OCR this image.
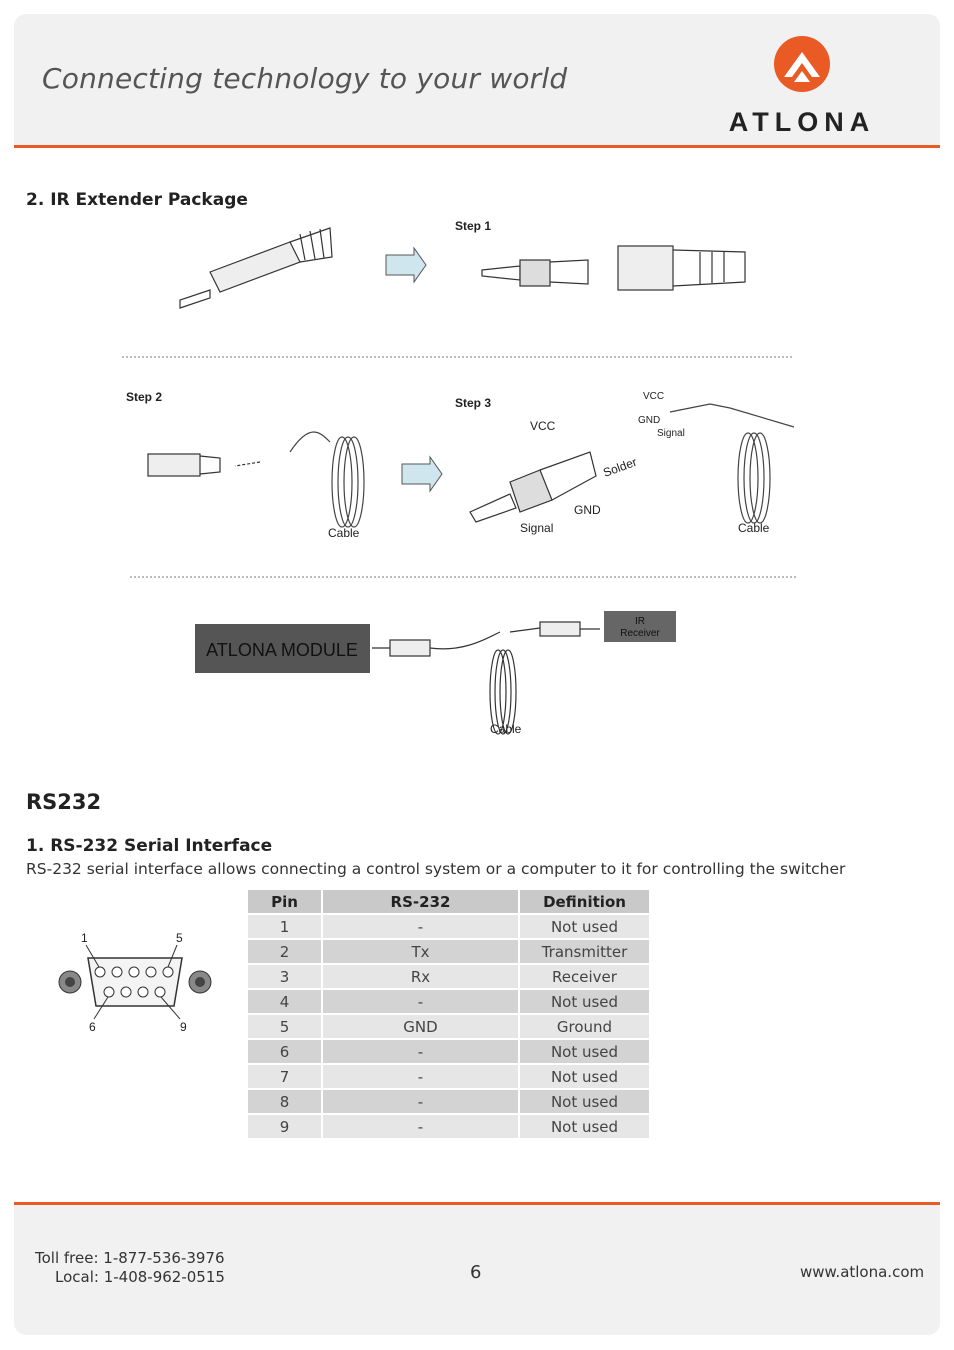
Connecting technology to your world
ATLONA
2. IR Extender Package
Step 1
Step 2
Cable
Step 3
VCC
GND
Signal
Solder
VCC
GND
Signal
Cable
ATLONA MODULE
IR
Receiver
Cable
RS232
1. RS-232 Serial Interface
RS-232 serial interface allows connecting a control system or a computer to it for controlling the switcher
1	5
6	9
Pin	RS-232	Definition
1	-	Not used
2	Tx	Transmitter
3	Rx	Receiver
4	-	Not used
5	GND	Ground
6	-	Not used
7	-	Not used
8	-	Not used
9	-	Not used
Toll free: 1-877-536-3976
Local: 1-408-962-0515	6	www.atlona.com
